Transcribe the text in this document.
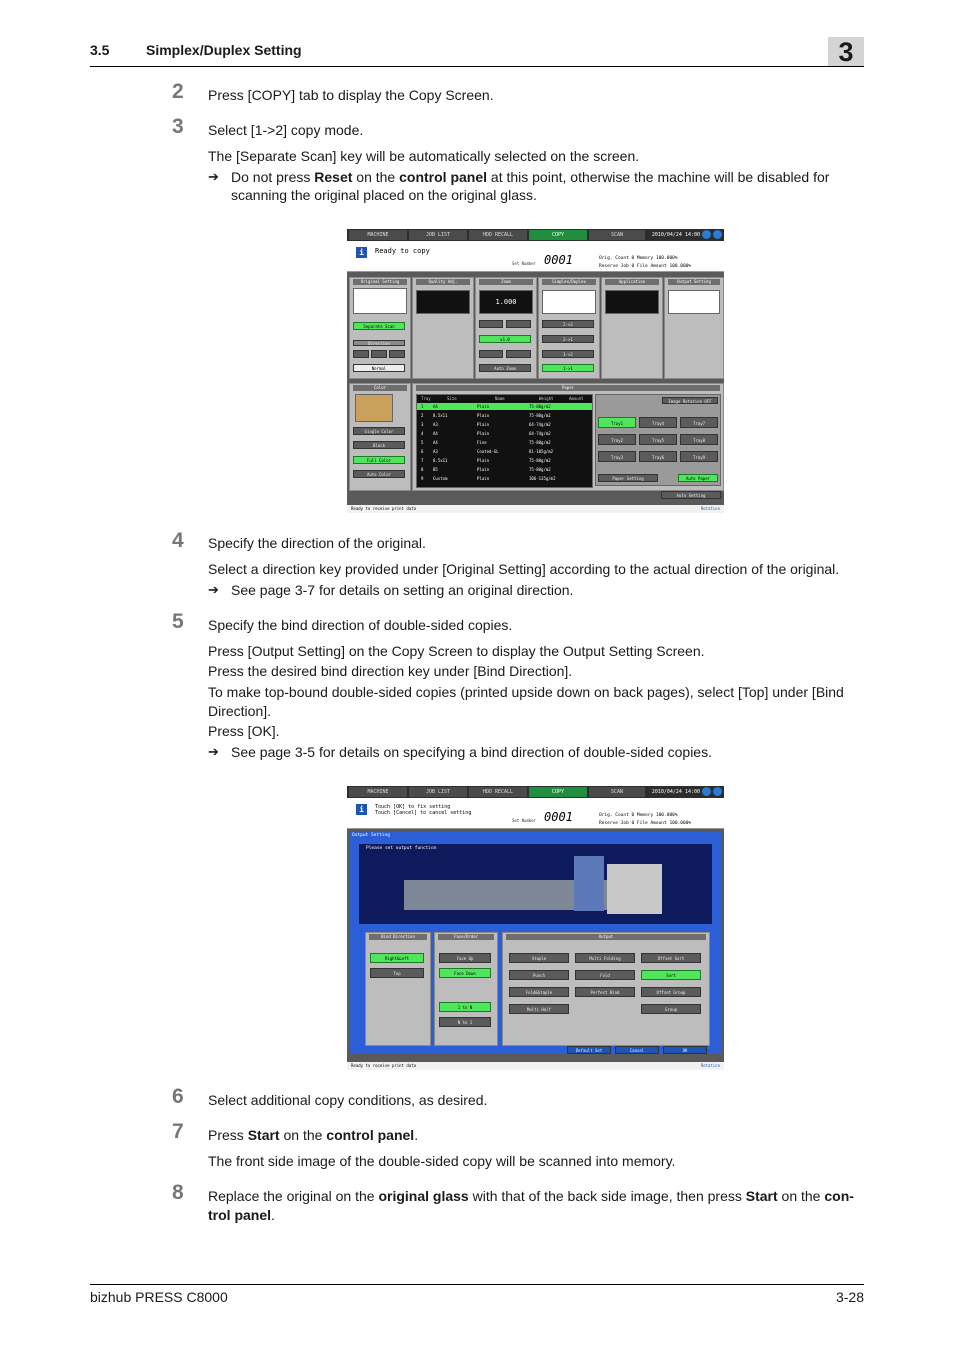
3.5	Simplex/Duplex Setting	3
2 Press [COPY] tab to display the Copy Screen.
3 Select [1->2] copy mode.
The [Separate Scan] key will be automatically selected on the screen.
➔ Do not press Reset on the control panel at this point, otherwise the machine will be disabled for scanning the original placed on the original glass.
MACHINE	JOB LIST	HDD RECALL	COPY	SCAN	2010/04/24 14:00
i	Ready to copy
Set Number 0001	Orig. Count 0 Memory 100.000%
Reserve Job 0 File Amount 100.000%
Original Setting
Separate Scan
Direction
Normal
Quality Adj.	Zoom
1.000
x1.0
Auto Zoom
Simplex/Duplex
2->2
2->1
1->2
1->1
Application	Output Setting
Color
Single Color
Black
Full Color
Auto Color
Paper
Tray	Size	Name	Weight	Amount
1 A4	Plain	75-80g/m2
2 8.5x11	Plain	75-80g/m2
3 A3	Plain	64-74g/m2
4 A4	Plain	64-74g/m2
5 A4	Fine	75-80g/m2
6 A3	Coated-GL	81-105g/m2
7 8.5x11	Plain	75-80g/m2
8 B5	Plain	75-80g/m2
9 Custom	Plain	106-135g/m2
Image Rotation OFF
Tray1	Tray4	Tray7
Tray2	Tray5	Tray8
Tray3	Tray6	Tray9
Paper Setting	Auto Paper
Auto Setting
Ready to receive print data	Rotation
4 Specify the direction of the original.
Select a direction key provided under [Original Setting] according to the actual direction of the original.
➔ See page 3-7 for details on setting an original direction.
5 Specify the bind direction of double-sided copies.
Press [Output Setting] on the Copy Screen to display the Output Setting Screen.
Press the desired bind direction key under [Bind Direction].
To make top-bound double-sided copies (printed upside down on back pages), select [Top] under [Bind Direction].
Press [OK].
➔ See page 3-5 for details on specifying a bind direction of double-sided copies.
MACHINE	JOB LIST	HDD RECALL	COPY	SCAN	2010/04/24 14:00
i	Touch [OK] to fix setting
Touch [Cancel] to cancel setting
Set Number 0001	Orig. Count 0 Memory 100.000%
Reserve Job 0 File Amount 100.000%
Output Setting
Please set output function
Bind Direction
Right&Left
Top
Face/Order
Face Up
Face Down
1 to N
N to 1
Output
Staple	Multi Folding	Offset Sort
Punch	Fold	Sort
Fold&Staple	Perfect Bind	Offset Group
Multi Half	Group
Default Set	Cancel	OK
Ready to receive print data	Rotation
6 Select additional copy conditions, as desired.
7 Press Start on the control panel.
The front side image of the double-sided copy will be scanned into memory.
8 Replace the original on the original glass with that of the back side image, then press Start on the con-trol panel.
bizhub PRESS C8000	3-28
